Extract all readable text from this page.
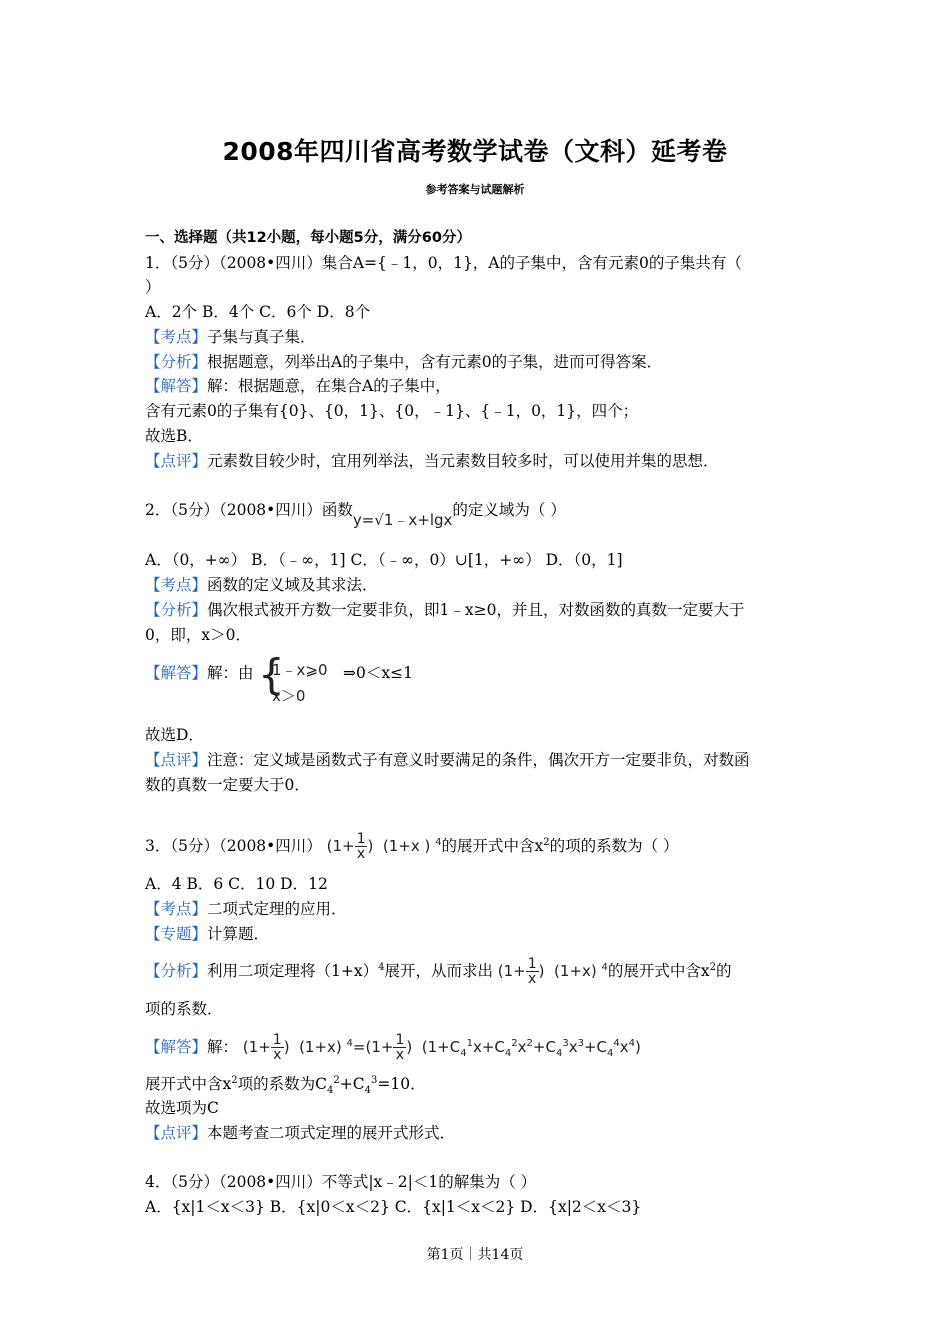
2008年四川省高考数学试卷（文科）延考卷
参考答案与试题解析
一、选择题（共12小题，每小题5分，满分60分）
1．（5分）（2008•四川）集合A={﹣1，0，1}，A的子集中，含有元素0的子集共有（
）
A．2个 B．4个 C．6个 D．8个
【考点】子集与真子集．
【分析】根据题意，列举出A的子集中，含有元素0的子集，进而可得答案．
【解答】解：根据题意，在集合A的子集中，
含有元素0的子集有{0}、{0，1}、{0，﹣1}、{﹣1，0，1}，四个；
故选B．
【点评】元素数目较少时，宜用列举法，当元素数目较多时，可以使用并集的思想．
2．（5分）（2008•四川）函数y=√1﹣x+lgx的定义域为（ ）
A．（0，+∞） B．（﹣∞，1] C．（﹣∞，0）∪[1，+∞） D．（0，1]
【考点】函数的定义域及其求法．
【分析】偶次根式被开方数一定要非负，即1﹣x≥0，并且，对数函数的真数一定要大于
0，即，x＞0．
【解答】解：由 {
1﹣x⩾0
x＞0
⇒0＜x≤1
故选D．
【点评】注意：定义域是函数式子有意义时要满足的条件，偶次开方一定要非负，对数函
数的真数一定要大于0．
3．（5分）（2008•四川） ($1+ \frac{1}{x}$ )  (1+x ) $^4$的展开式中含$x^2$的项的系数为（ ）
A．4 B．6 C．10 D．12
【考点】二项式定理的应用．
【专题】计算题．
【分析】利用二项定理将$(1+x)^4$展开，从而求出 ($1+ \frac{1}{x}$ )  (1+x) $^4$的展开式中含$x^2$的
项的系数．
【解答】解： ($1+ \frac{1}{x}$ )  (1+x) $^4=(1+ \frac{1}{x}$ )  $(1+C_4^1x+C_4^2x^2+C_4^3x^3+C_4^4x^4)$
展开式中含$x^2$项的系数为$C_4^2+C_4^3=10$．
故选项为C
【点评】本题考查二项式定理的展开式形式．
4．（5分）（2008•四川）不等式|x﹣2|＜1的解集为（ ）
A．{x|1＜x＜3} B．{x|0＜x＜2} C．{x|1＜x＜2} D．{x|2＜x＜3}
第1页｜共14页
